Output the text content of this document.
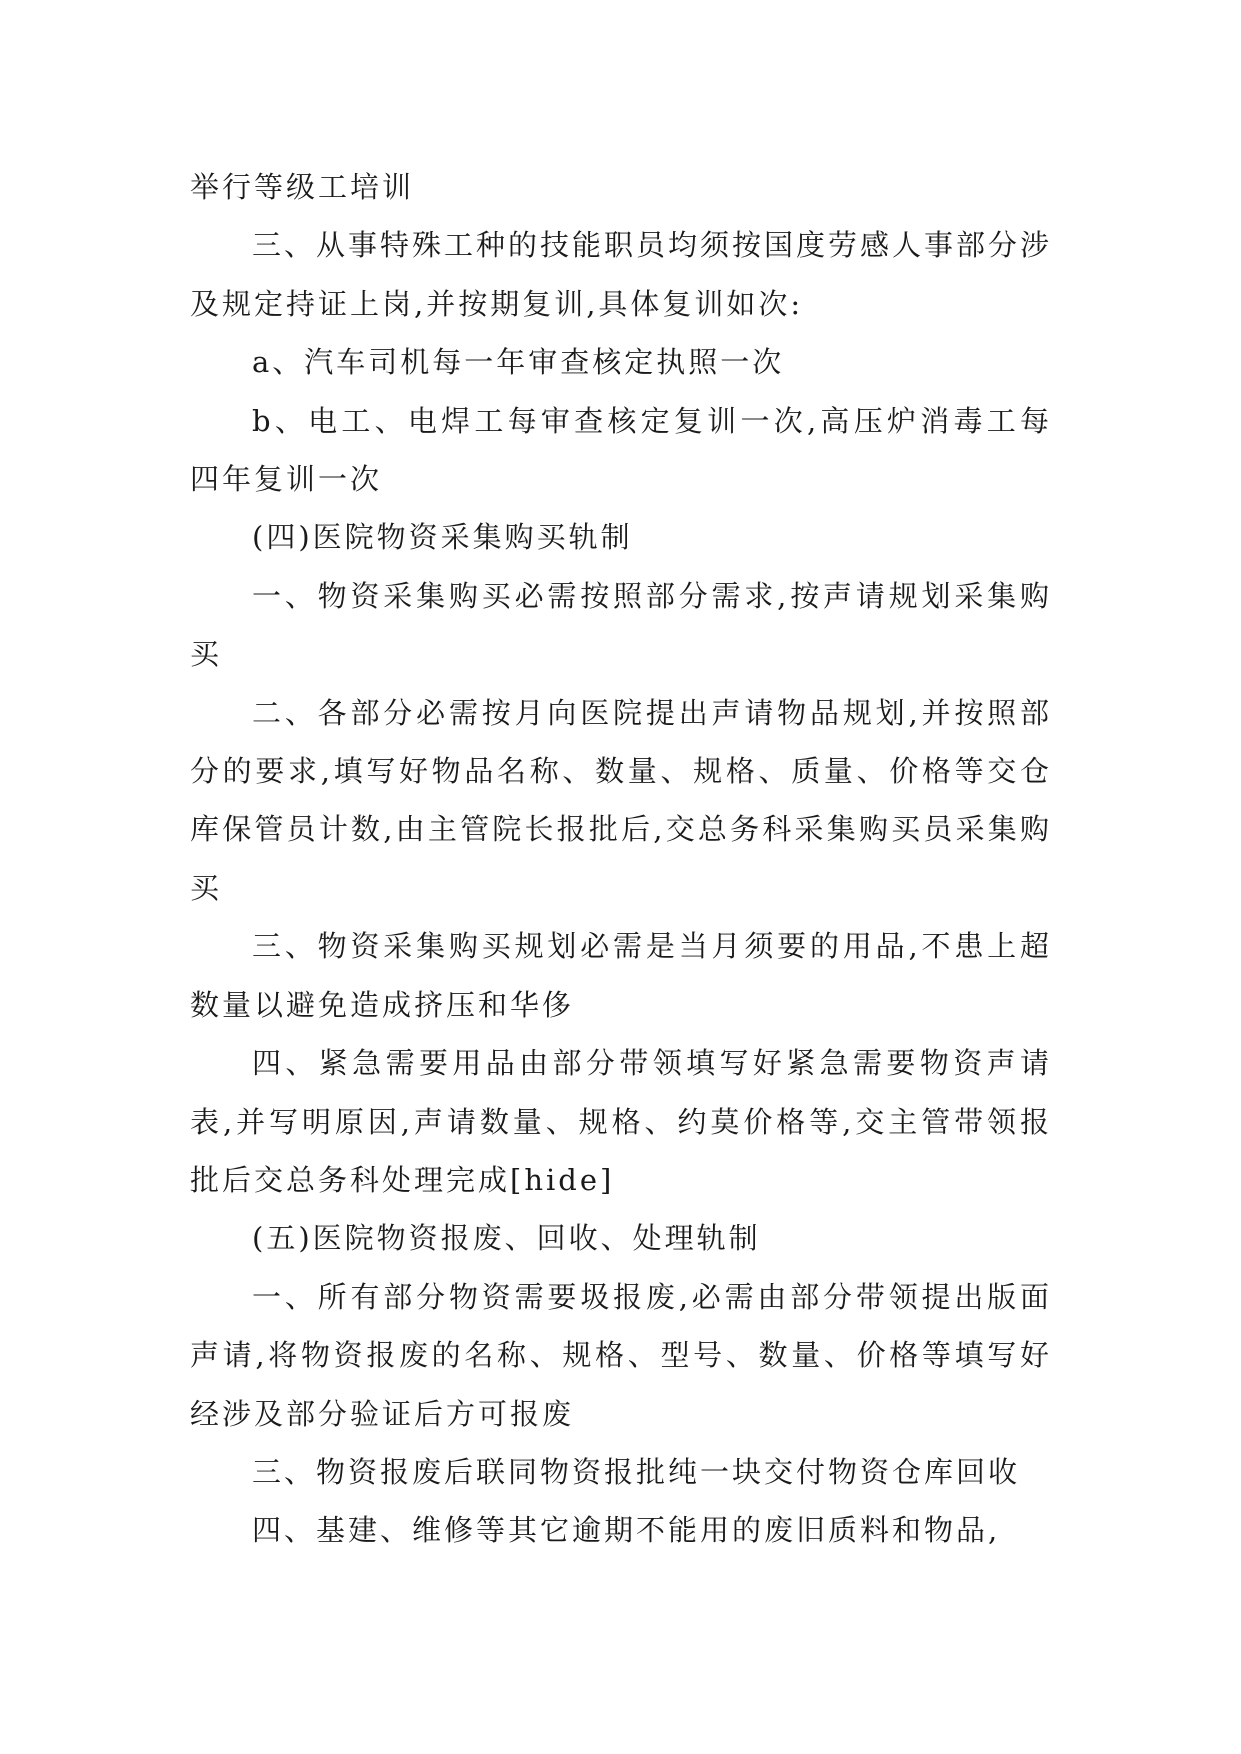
举行等级工培训

三、从事特殊工种的技能职员均须按国度劳感人事部分涉及规定持证上岗,并按期复训,具体复训如次:

a、汽车司机每一年审查核定执照一次

b、电工、电焊工每审查核定复训一次,高压炉消毒工每四年复训一次

(四)医院物资采集购买轨制

一、物资采集购买必需按照部分需求,按声请规划采集购买

二、各部分必需按月向医院提出声请物品规划,并按照部分的要求,填写好物品名称、数量、规格、质量、价格等交仓库保管员计数,由主管院长报批后,交总务科采集购买员采集购买

三、物资采集购买规划必需是当月须要的用品,不患上超数量以避免造成挤压和华侈

四、紧急需要用品由部分带领填写好紧急需要物资声请表,并写明原因,声请数量、规格、约莫价格等,交主管带领报批后交总务科处理完成[hide]

(五)医院物资报废、回收、处理轨制

一、所有部分物资需要圾报废,必需由部分带领提出版面声请,将物资报废的名称、规格、型号、数量、价格等填写好经涉及部分验证后方可报废

三、物资报废后联同物资报批纯一块交付物资仓库回收

四、基建、维修等其它逾期不能用的废旧质料和物品,
